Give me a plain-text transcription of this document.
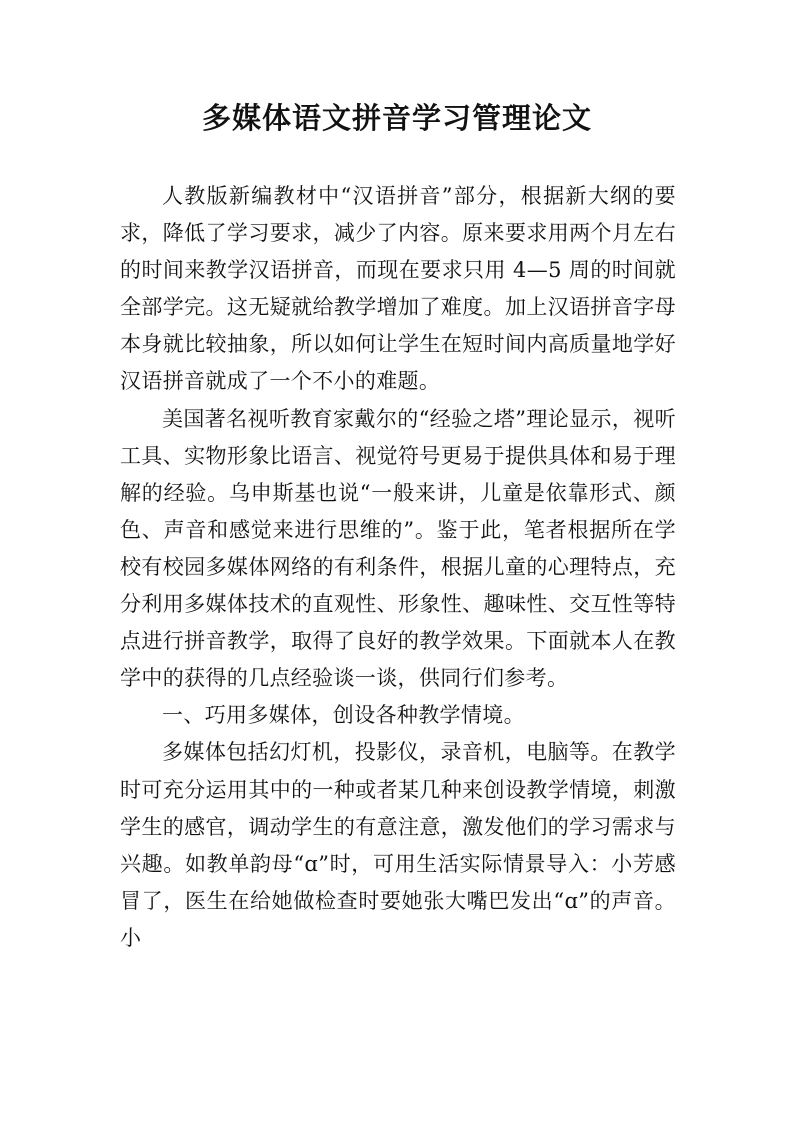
多媒体语文拼音学习管理论文

人教版新编教材中“汉语拼音”部分，根据新大纲的要求，降低了学习要求，减少了内容。原来要求用两个月左右的时间来教学汉语拼音，而现在要求只用 4—5 周的时间就全部学完。这无疑就给教学增加了难度。加上汉语拼音字母本身就比较抽象，所以如何让学生在短时间内高质量地学好汉语拼音就成了一个不小的难题。

美国著名视听教育家戴尔的“经验之塔”理论显示，视听工具、实物形象比语言、视觉符号更易于提供具体和易于理解的经验。乌申斯基也说“一般来讲，儿童是依靠形式、颜色、声音和感觉来进行思维的”。鉴于此，笔者根据所在学校有校园多媒体网络的有利条件，根据儿童的心理特点，充分利用多媒体技术的直观性、形象性、趣味性、交互性等特点进行拼音教学，取得了良好的教学效果。下面就本人在教学中的获得的几点经验谈一谈，供同行们参考。

一、巧用多媒体，创设各种教学情境。

多媒体包括幻灯机，投影仪，录音机，电脑等。在教学时可充分运用其中的一种或者某几种来创设教学情境，刺激学生的感官，调动学生的有意注意，激发他们的学习需求与兴趣。如教单韵母“ɑ”时，可用生活实际情景导入：小芳感冒了，医生在给她做检查时要她张大嘴巴发出“ɑ”的声音。小
